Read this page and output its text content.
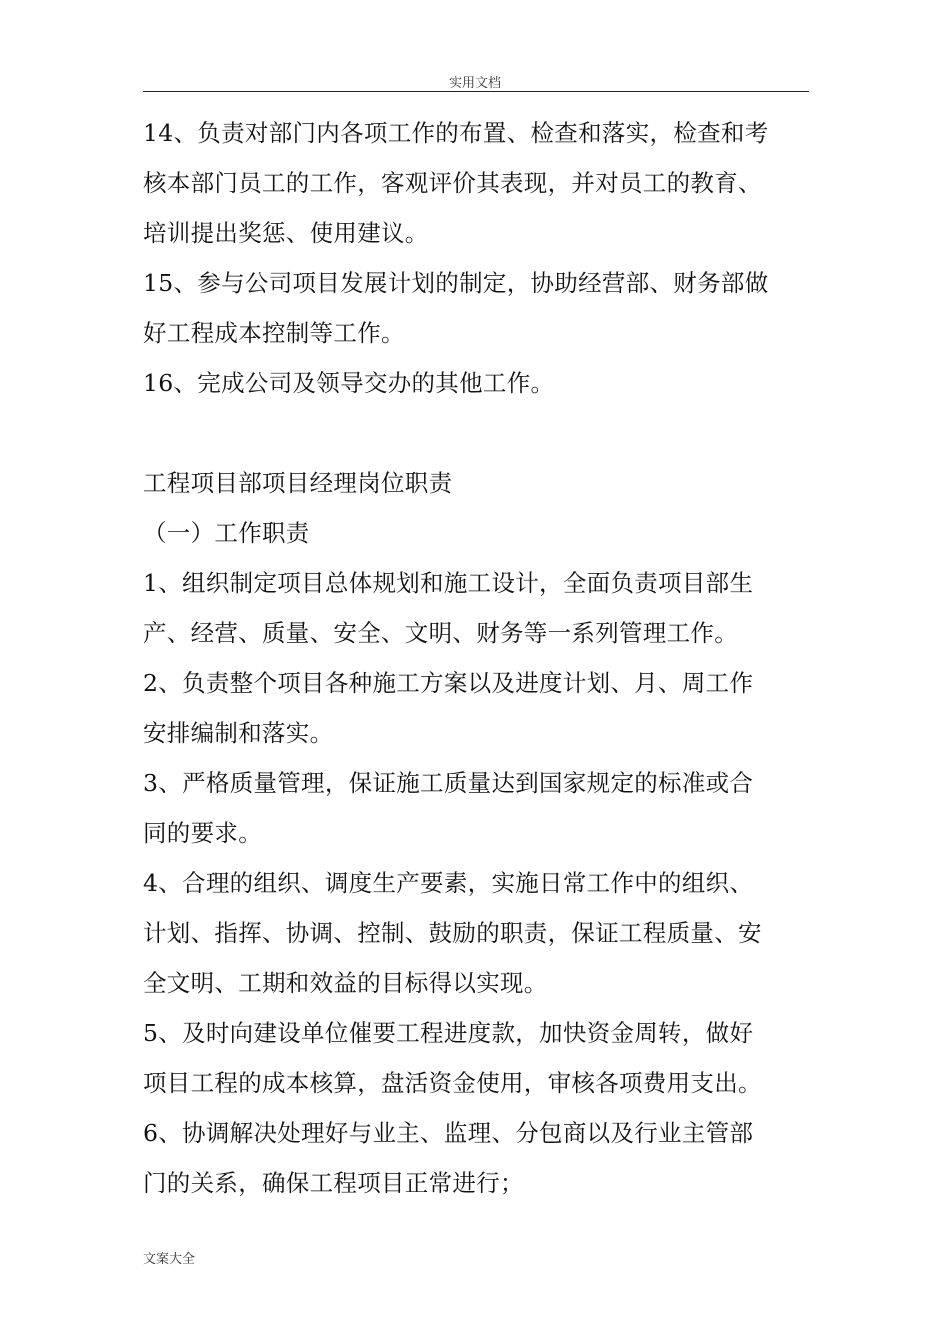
实用文档
14、负责对部门内各项工作的布置、检查和落实，检查和考
核本部门员工的工作，客观评价其表现，并对员工的教育、
培训提出奖惩、使用建议。
15、参与公司项目发展计划的制定，协助经营部、财务部做
好工程成本控制等工作。
16、完成公司及领导交办的其他工作。
工程项目部项目经理岗位职责
（一）工作职责
1、组织制定项目总体规划和施工设计，全面负责项目部生
产、经营、质量、安全、文明、财务等一系列管理工作。
2、负责整个项目各种施工方案以及进度计划、月、周工作
安排编制和落实。
3、严格质量管理，保证施工质量达到国家规定的标准或合
同的要求。
4、合理的组织、调度生产要素，实施日常工作中的组织、
计划、指挥、协调、控制、鼓励的职责，保证工程质量、安
全文明、工期和效益的目标得以实现。
5、及时向建设单位催要工程进度款，加快资金周转，做好
项目工程的成本核算，盘活资金使用，审核各项费用支出。
6、协调解决处理好与业主、监理、分包商以及行业主管部
门的关系，确保工程项目正常进行；
文案大全
